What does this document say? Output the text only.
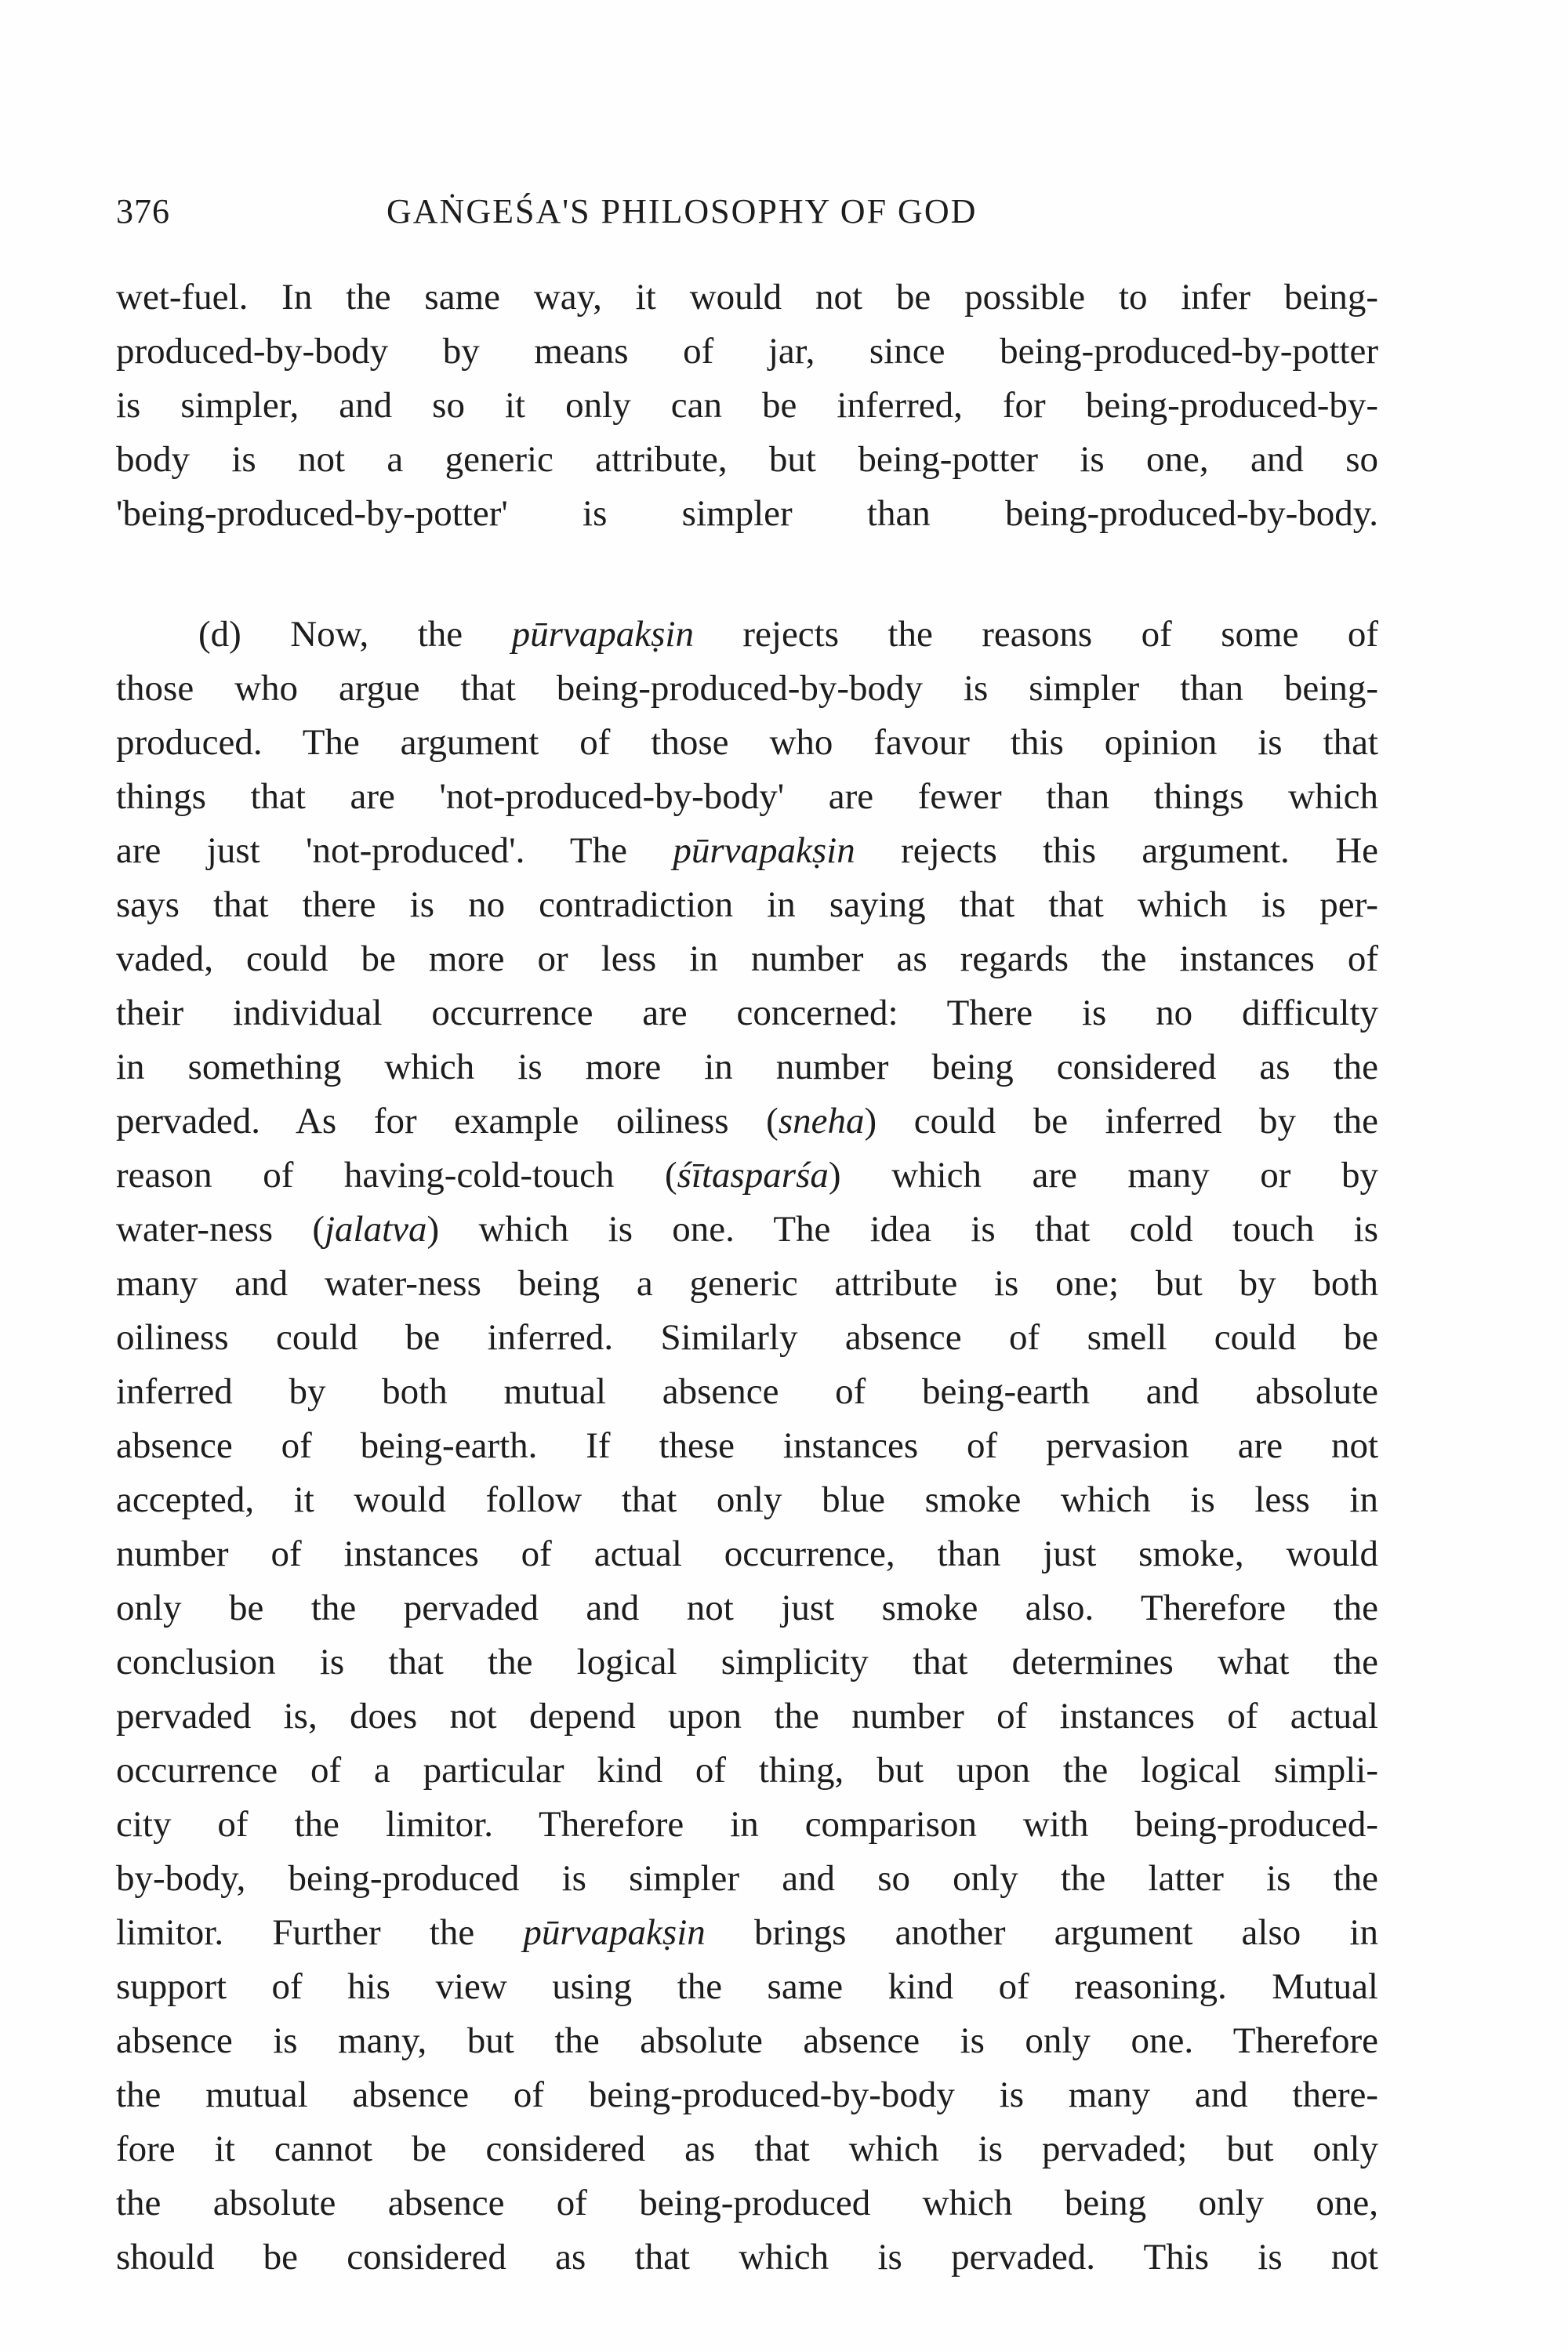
376	GAṄGEŚA'S PHILOSOPHY OF GOD
wet-fuel. In the same way, it would not be possible to infer being-
produced-by-body by means of jar, since being-produced-by-potter
is simpler, and so it only can be inferred, for being-produced-by-
body is not a generic attribute, but being-potter is one, and so
'being-produced-by-potter' is simpler than being-produced-by-body.
(d) Now, the pūrvapakṣin rejects the reasons of some of
those who argue that being-produced-by-body is simpler than being-
produced. The argument of those who favour this opinion is that
things that are 'not-produced-by-body' are fewer than things which
are just 'not-produced'. The pūrvapakṣin rejects this argument. He
says that there is no contradiction in saying that that which is per-
vaded, could be more or less in number as regards the instances of
their individual occurrence are concerned: There is no difficulty
in something which is more in number being considered as the
pervaded. As for example oiliness (sneha) could be inferred by the
reason of having-cold-touch (śītasparśa) which are many or by
water-ness (jalatva) which is one. The idea is that cold touch is
many and water-ness being a generic attribute is one; but by both
oiliness could be inferred. Similarly absence of smell could be
inferred by both mutual absence of being-earth and absolute
absence of being-earth. If these instances of pervasion are not
accepted, it would follow that only blue smoke which is less in
number of instances of actual occurrence, than just smoke, would
only be the pervaded and not just smoke also. Therefore the
conclusion is that the logical simplicity that determines what the
pervaded is, does not depend upon the number of instances of actual
occurrence of a particular kind of thing, but upon the logical simpli-
city of the limitor. Therefore in comparison with being-produced-
by-body, being-produced is simpler and so only the latter is the
limitor. Further the pūrvapakṣin brings another argument also in
support of his view using the same kind of reasoning. Mutual
absence is many, but the absolute absence is only one. Therefore
the mutual absence of being-produced-by-body is many and there-
fore it cannot be considered as that which is pervaded; but only
the absolute absence of being-produced which being only one,
should be considered as that which is pervaded. This is not
